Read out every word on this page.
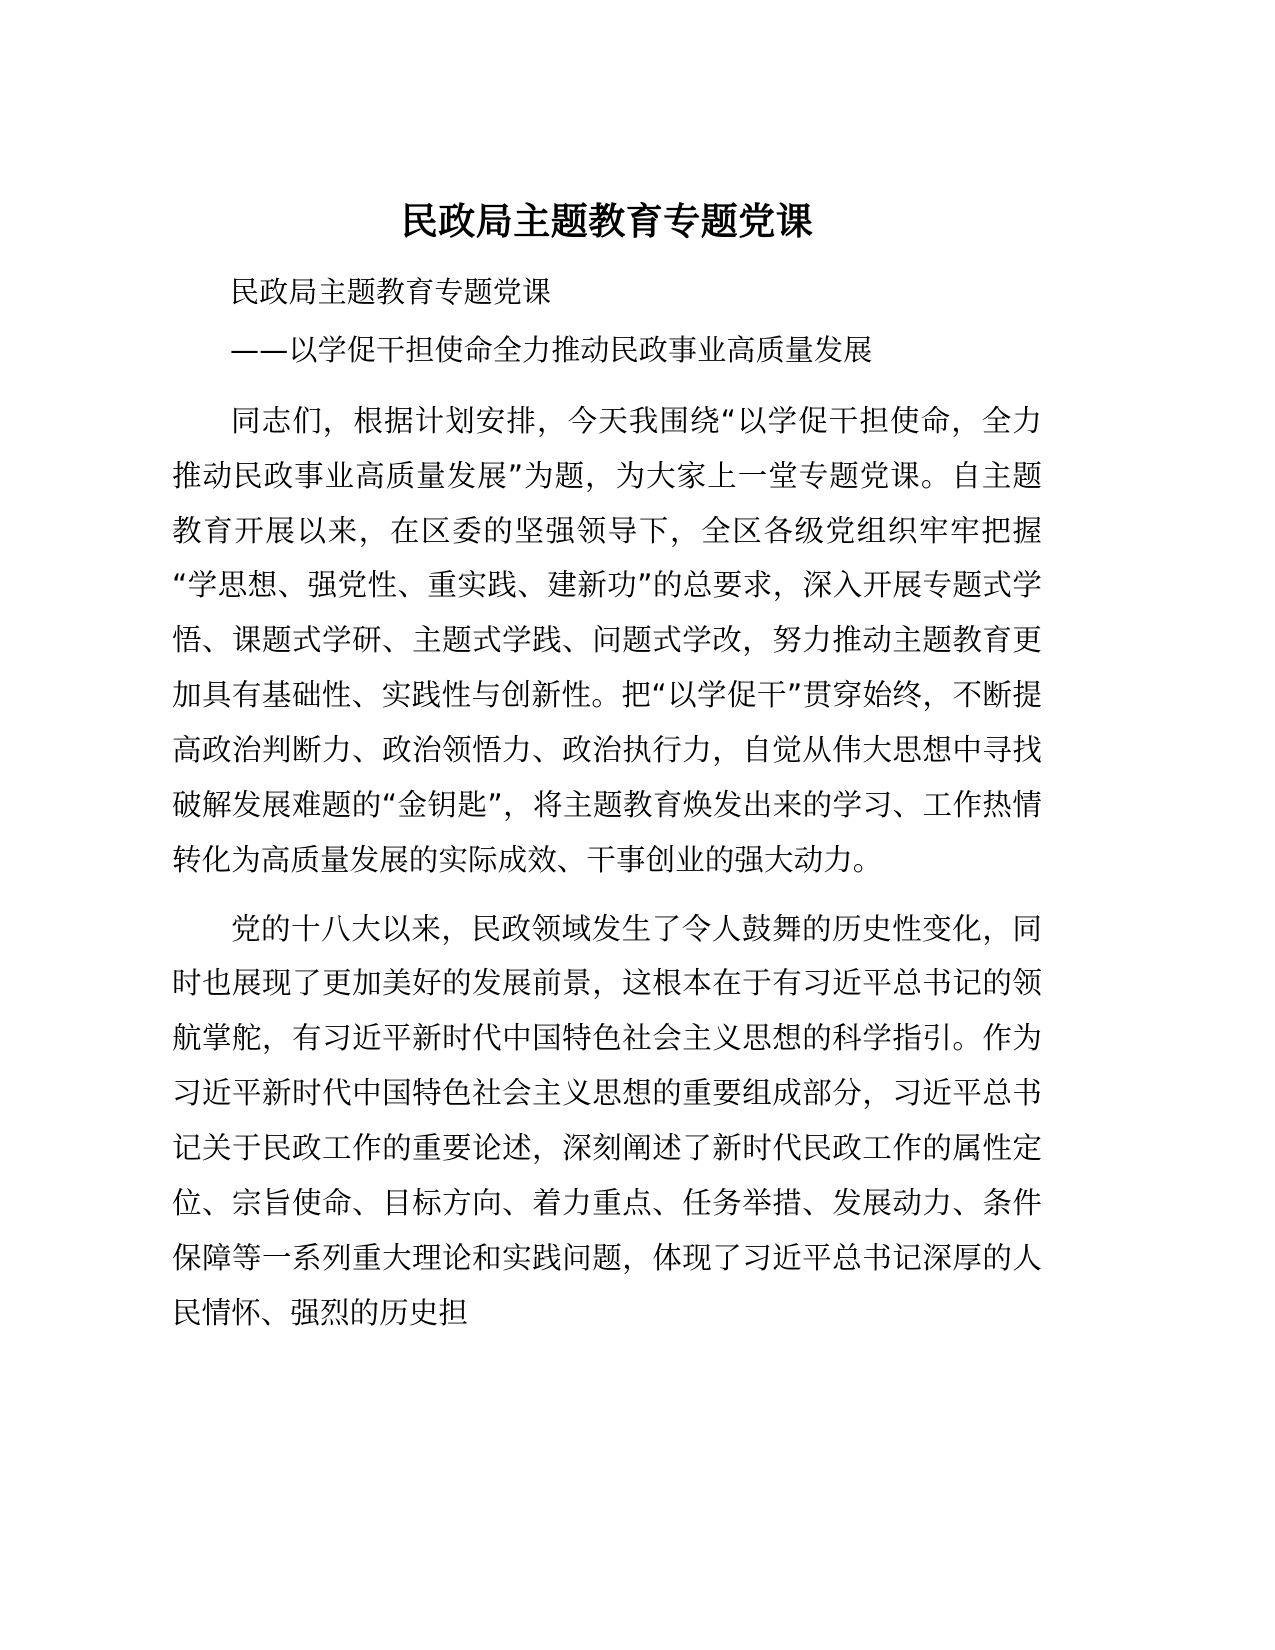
民政局主题教育专题党课

民政局主题教育专题党课

——以学促干担使命全力推动民政事业高质量发展

同志们，根据计划安排，今天我围绕“以学促干担使命，全力推动民政事业高质量发展”为题，为大家上一堂专题党课。自主题教育开展以来，在区委的坚强领导下，全区各级党组织牢牢把握“学思想、强党性、重实践、建新功”的总要求，深入开展专题式学悟、课题式学研、主题式学践、问题式学改，努力推动主题教育更加具有基础性、实践性与创新性。把“以学促干”贯穿始终，不断提高政治判断力、政治领悟力、政治执行力，自觉从伟大思想中寻找破解发展难题的“金钥匙”，将主题教育焕发出来的学习、工作热情转化为高质量发展的实际成效、干事创业的强大动力。

党的十八大以来，民政领域发生了令人鼓舞的历史性变化，同时也展现了更加美好的发展前景，这根本在于有习近平总书记的领航掌舵，有习近平新时代中国特色社会主义思想的科学指引。作为习近平新时代中国特色社会主义思想的重要组成部分，习近平总书记关于民政工作的重要论述，深刻阐述了新时代民政工作的属性定位、宗旨使命、目标方向、着力重点、任务举措、发展动力、条件保障等一系列重大理论和实践问题，体现了习近平总书记深厚的人民情怀、强烈的历史担
